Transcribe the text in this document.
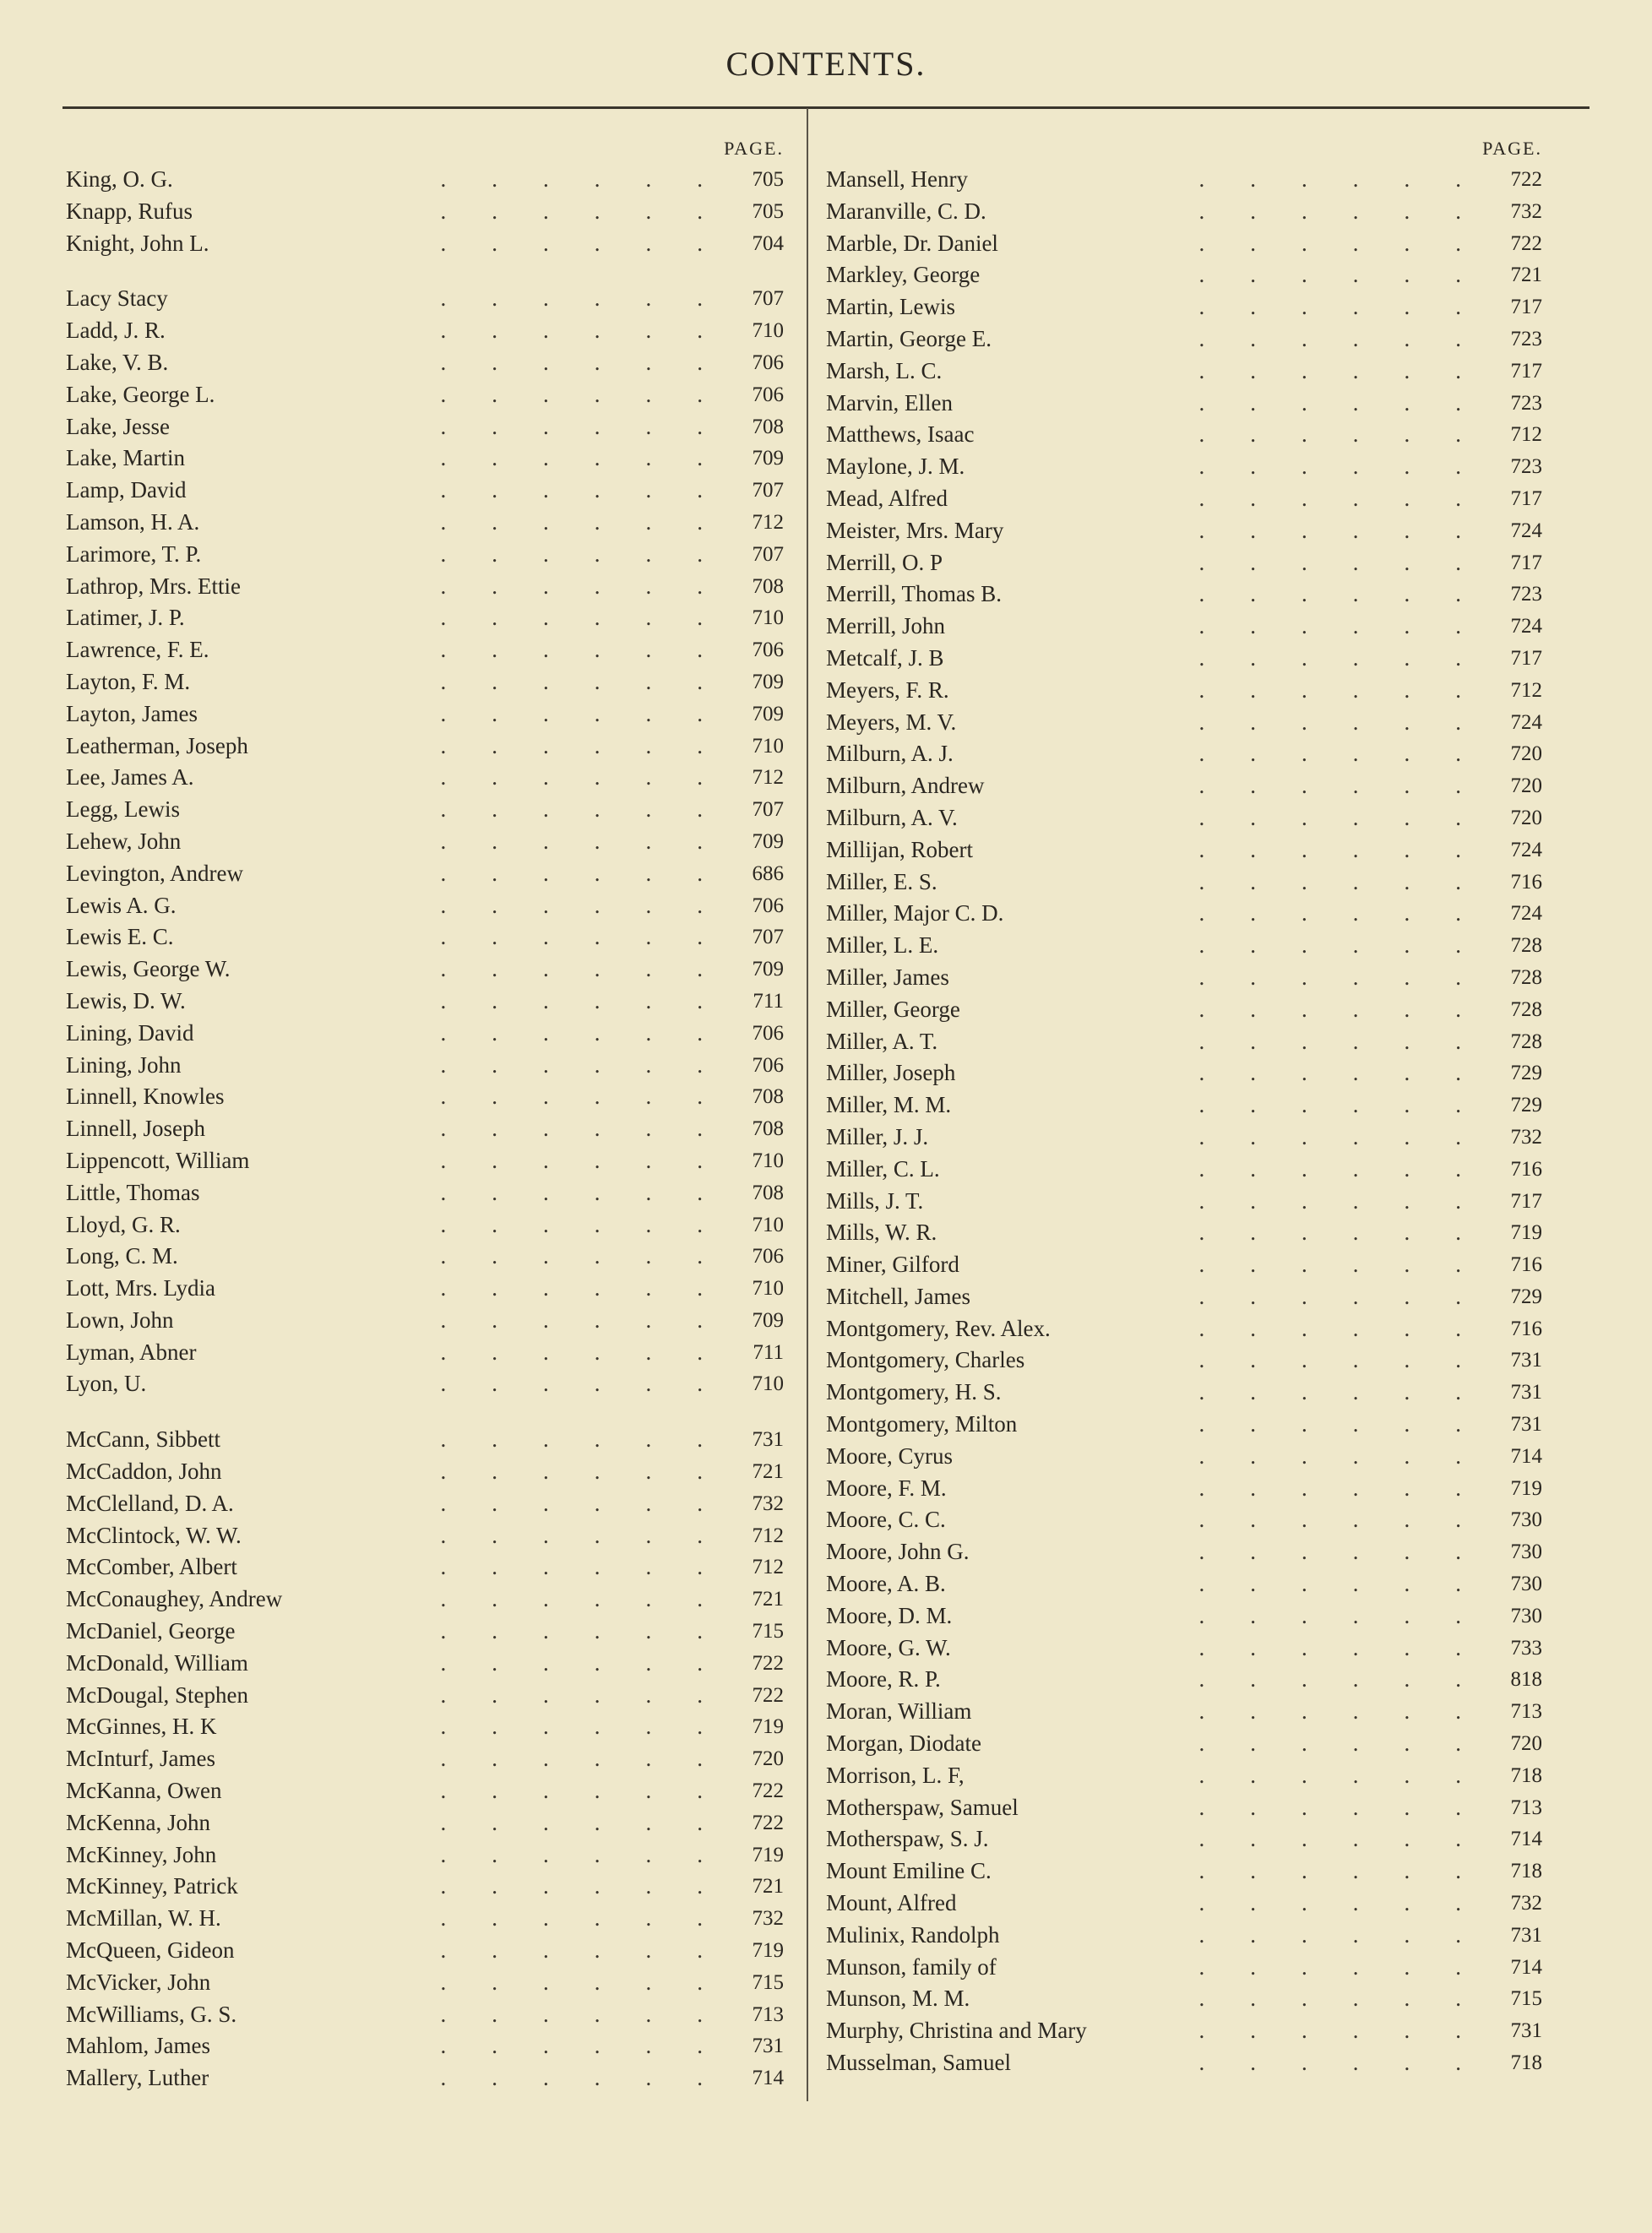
CONTENTS.
PAGE.
King, O. G.	.  .  .  .  .  .	705
Knapp, Rufus	.  .  .  .  .  .	705
Knight, John L.	.  .  .  .  .  .	704
Lacy Stacy	.  .  .  .  .  .	707
Ladd, J. R.	.  .  .  .  .  .	710
Lake, V. B.	.  .  .  .  .  .	706
Lake, George L.	.  .  .  .  .  .	706
Lake, Jesse	.  .  .  .  .  .	708
Lake, Martin	.  .  .  .  .  .	709
Lamp, David	.  .  .  .  .  .	707
Lamson, H. A.	.  .  .  .  .  .	712
Larimore, T. P.	.  .  .  .  .  .	707
Lathrop, Mrs. Ettie	.  .  .  .  .  .	708
Latimer, J. P.	.  .  .  .  .  .	710
Lawrence, F. E.	.  .  .  .  .  .	706
Layton, F. M.	.  .  .  .  .  .	709
Layton, James	.  .  .  .  .  .	709
Leatherman, Joseph	.  .  .  .  .  .	710
Lee, James A.	.  .  .  .  .  .	712
Legg, Lewis	.  .  .  .  .  .	707
Lehew, John	.  .  .  .  .  .	709
Levington, Andrew	.  .  .  .  .  .	686
Lewis A. G.	.  .  .  .  .  .	706
Lewis E. C.	.  .  .  .  .  .	707
Lewis, George W.	.  .  .  .  .  .	709
Lewis, D. W.	.  .  .  .  .  .	711
Lining, David	.  .  .  .  .  .	706
Lining, John	.  .  .  .  .  .	706
Linnell, Knowles	.  .  .  .  .  .	708
Linnell, Joseph	.  .  .  .  .  .	708
Lippencott, William	.  .  .  .  .  .	710
Little, Thomas	.  .  .  .  .  .	708
Lloyd, G. R.	.  .  .  .  .  .	710
Long, C. M.	.  .  .  .  .  .	706
Lott, Mrs. Lydia	.  .  .  .  .  .	710
Lown, John	.  .  .  .  .  .	709
Lyman, Abner	.  .  .  .  .  .	711
Lyon, U.	.  .  .  .  .  .	710
McCann, Sibbett	.  .  .  .  .  .	731
McCaddon, John	.  .  .  .  .  .	721
McClelland, D. A.	.  .  .  .  .  .	732
McClintock, W. W.	.  .  .  .  .  .	712
McComber, Albert	.  .  .  .  .  .	712
McConaughey, Andrew	.  .  .  .  .  .	721
McDaniel, George	.  .  .  .  .  .	715
McDonald, William	.  .  .  .  .  .	722
McDougal, Stephen	.  .  .  .  .  .	722
McGinnes, H. K	.  .  .  .  .  .	719
McInturf, James	.  .  .  .  .  .	720
McKanna, Owen	.  .  .  .  .  .	722
McKenna, John	.  .  .  .  .  .	722
McKinney, John	.  .  .  .  .  .	719
McKinney, Patrick	.  .  .  .  .  .	721
McMillan, W. H.	.  .  .  .  .  .	732
McQueen, Gideon	.  .  .  .  .  .	719
McVicker, John	.  .  .  .  .  .	715
McWilliams, G. S.	.  .  .  .  .  .	713
Mahlom, James	.  .  .  .  .  .	731
Mallery, Luther	.  .  .  .  .  .	714
PAGE.
Mansell, Henry	.  .  .  .  .  .	722
Maranville, C. D.	.  .  .  .  .  .	732
Marble, Dr. Daniel	.  .  .  .  .  .	722
Markley, George	.  .  .  .  .  .	721
Martin, Lewis	.  .  .  .  .  .	717
Martin, George E.	.  .  .  .  .  .	723
Marsh, L. C.	.  .  .  .  .  .	717
Marvin, Ellen	.  .  .  .  .  .	723
Matthews, Isaac	.  .  .  .  .  .	712
Maylone, J. M.	.  .  .  .  .  .	723
Mead, Alfred	.  .  .  .  .  .	717
Meister, Mrs. Mary	.  .  .  .  .  .	724
Merrill, O. P	.  .  .  .  .  .	717
Merrill, Thomas B.	.  .  .  .  .  .	723
Merrill, John	.  .  .  .  .  .	724
Metcalf, J. B	.  .  .  .  .  .	717
Meyers, F. R.	.  .  .  .  .  .	712
Meyers, M. V.	.  .  .  .  .  .	724
Milburn, A. J.	.  .  .  .  .  .	720
Milburn, Andrew	.  .  .  .  .  .	720
Milburn, A. V.	.  .  .  .  .  .	720
Millijan, Robert	.  .  .  .  .  .	724
Miller, E. S.	.  .  .  .  .  .	716
Miller, Major C. D.	.  .  .  .  .  .	724
Miller, L. E.	.  .  .  .  .  .	728
Miller, James	.  .  .  .  .  .	728
Miller, George	.  .  .  .  .  .	728
Miller, A. T.	.  .  .  .  .  .	728
Miller, Joseph	.  .  .  .  .  .	729
Miller, M. M.	.  .  .  .  .  .	729
Miller, J. J.	.  .  .  .  .  .	732
Miller, C. L.	.  .  .  .  .  .	716
Mills, J. T.	.  .  .  .  .  .	717
Mills, W. R.	.  .  .  .  .  .	719
Miner, Gilford	.  .  .  .  .  .	716
Mitchell, James	.  .  .  .  .  .	729
Montgomery, Rev. Alex.	.  .  .  .  .  .	716
Montgomery, Charles	.  .  .  .  .  .	731
Montgomery, H. S.	.  .  .  .  .  .	731
Montgomery, Milton	.  .  .  .  .  .	731
Moore, Cyrus	.  .  .  .  .  .	714
Moore, F. M.	.  .  .  .  .  .	719
Moore, C. C.	.  .  .  .  .  .	730
Moore, John G.	.  .  .  .  .  .	730
Moore, A. B.	.  .  .  .  .  .	730
Moore, D. M.	.  .  .  .  .  .	730
Moore, G. W.	.  .  .  .  .  .	733
Moore, R. P.	.  .  .  .  .  .	818
Moran, William	.  .  .  .  .  .	713
Morgan, Diodate	.  .  .  .  .  .	720
Morrison, L. F,	.  .  .  .  .  .	718
Motherspaw, Samuel	.  .  .  .  .  .	713
Motherspaw, S. J.	.  .  .  .  .  .	714
Mount Emiline C.	.  .  .  .  .  .	718
Mount, Alfred	.  .  .  .  .  .	732
Mulinix, Randolph	.  .  .  .  .  .	731
Munson, family of	.  .  .  .  .  .	714
Munson, M. M.	.  .  .  .  .  .	715
Murphy, Christina and Mary	.  .  .  .  .  .	731
Musselman, Samuel	.  .  .  .  .  .	718
